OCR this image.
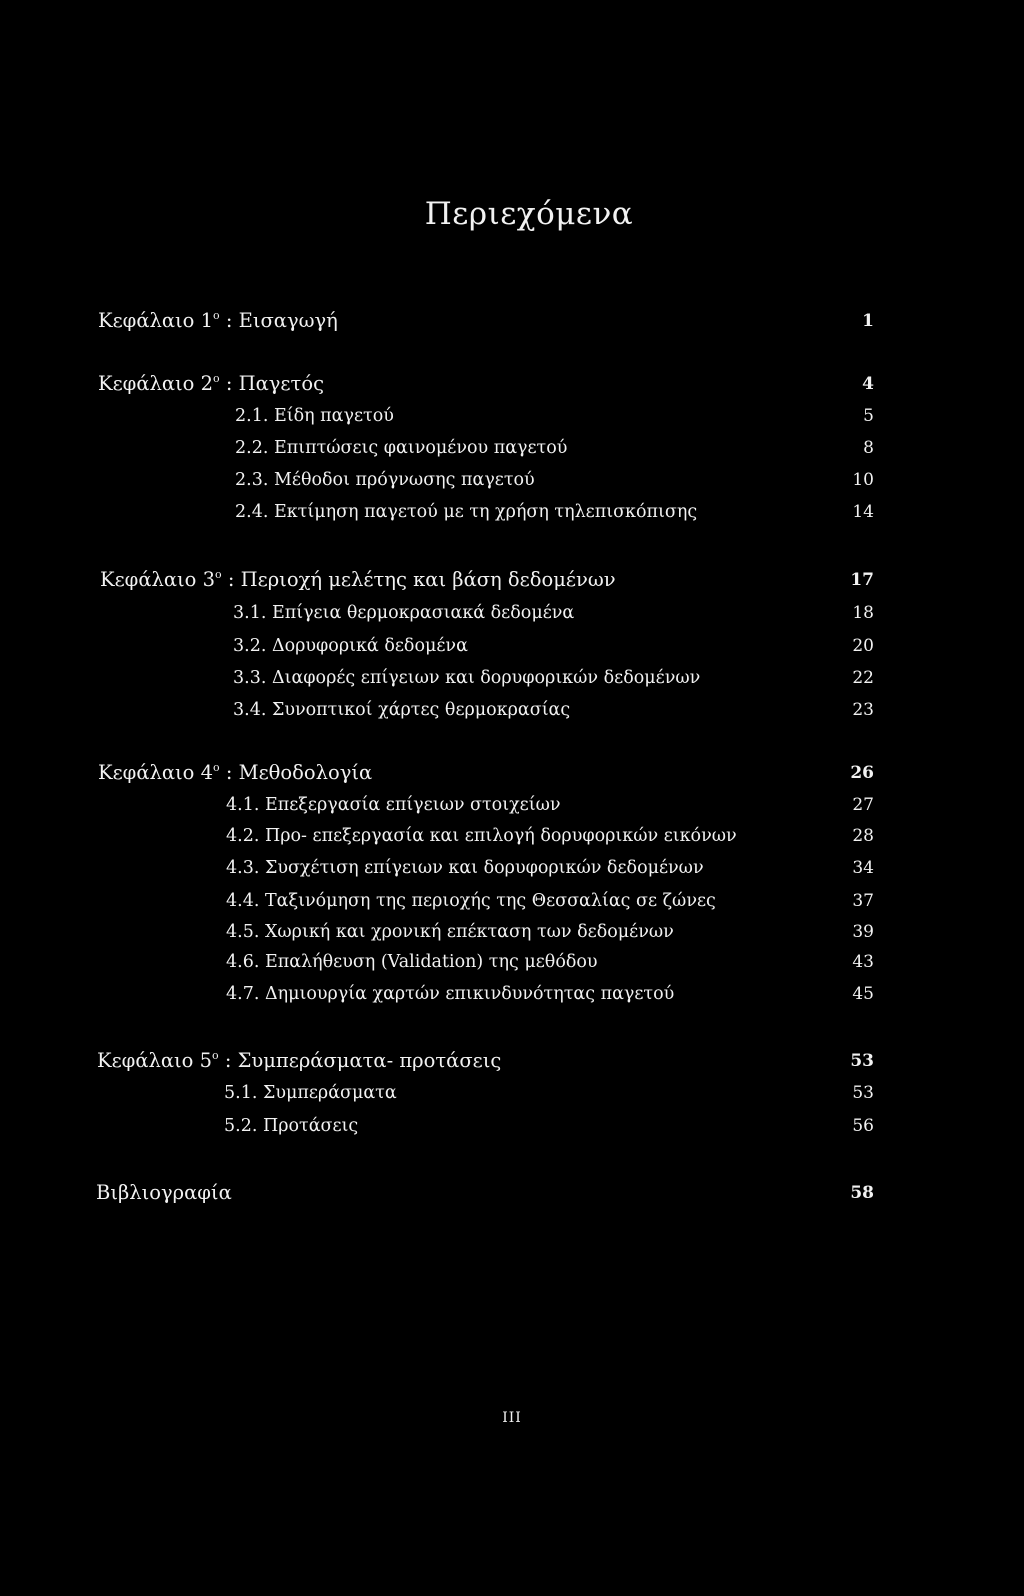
Περιεχόμενα
Κεφάλαιο $1^o$ : Εισαγωγή	1
Κεφάλαιο $2^o$ : Παγετός	4
2.1. Είδη παγετού	5
2.2. Επιπτώσεις φαινομένου παγετού	8
2.3. Μέθοδοι πρόγνωσης παγετού	10
2.4. Εκτίμηση παγετού με τη χρήση τηλεπισκόπισης	14
Κεφάλαιο $3^o$ : Περιοχή μελέτης και βάση δεδομένων	17
3.1. Επίγεια θερμοκρασιακά δεδομένα	18
3.2. Δορυφορικά δεδομένα	20
3.3. Διαφορές επίγειων και δορυφορικών δεδομένων	22
3.4. Συνοπτικοί χάρτες θερμοκρασίας	23
Κεφάλαιο $4^o$ : Μεθοδολογία	26
4.1. Επεξεργασία επίγειων στοιχείων	27
4.2. Προ- επεξεργασία και επιλογή δορυφορικών εικόνων	28
4.3. Συσχέτιση επίγειων και δορυφορικών δεδομένων	34
4.4. Ταξινόμηση της περιοχής της Θεσσαλίας σε ζώνες	37
4.5. Χωρική και χρονική επέκταση των δεδομένων	39
4.6. Επαλήθευση (Validation) της μεθόδου	43
4.7. Δημιουργία χαρτών επικινδυνότητας παγετού	45
Κεφάλαιο $5^o$ : Συμπεράσματα- προτάσεις	53
5.1. Συμπεράσματα	53
5.2. Προτάσεις	56
Βιβλιογραφία	58
III
